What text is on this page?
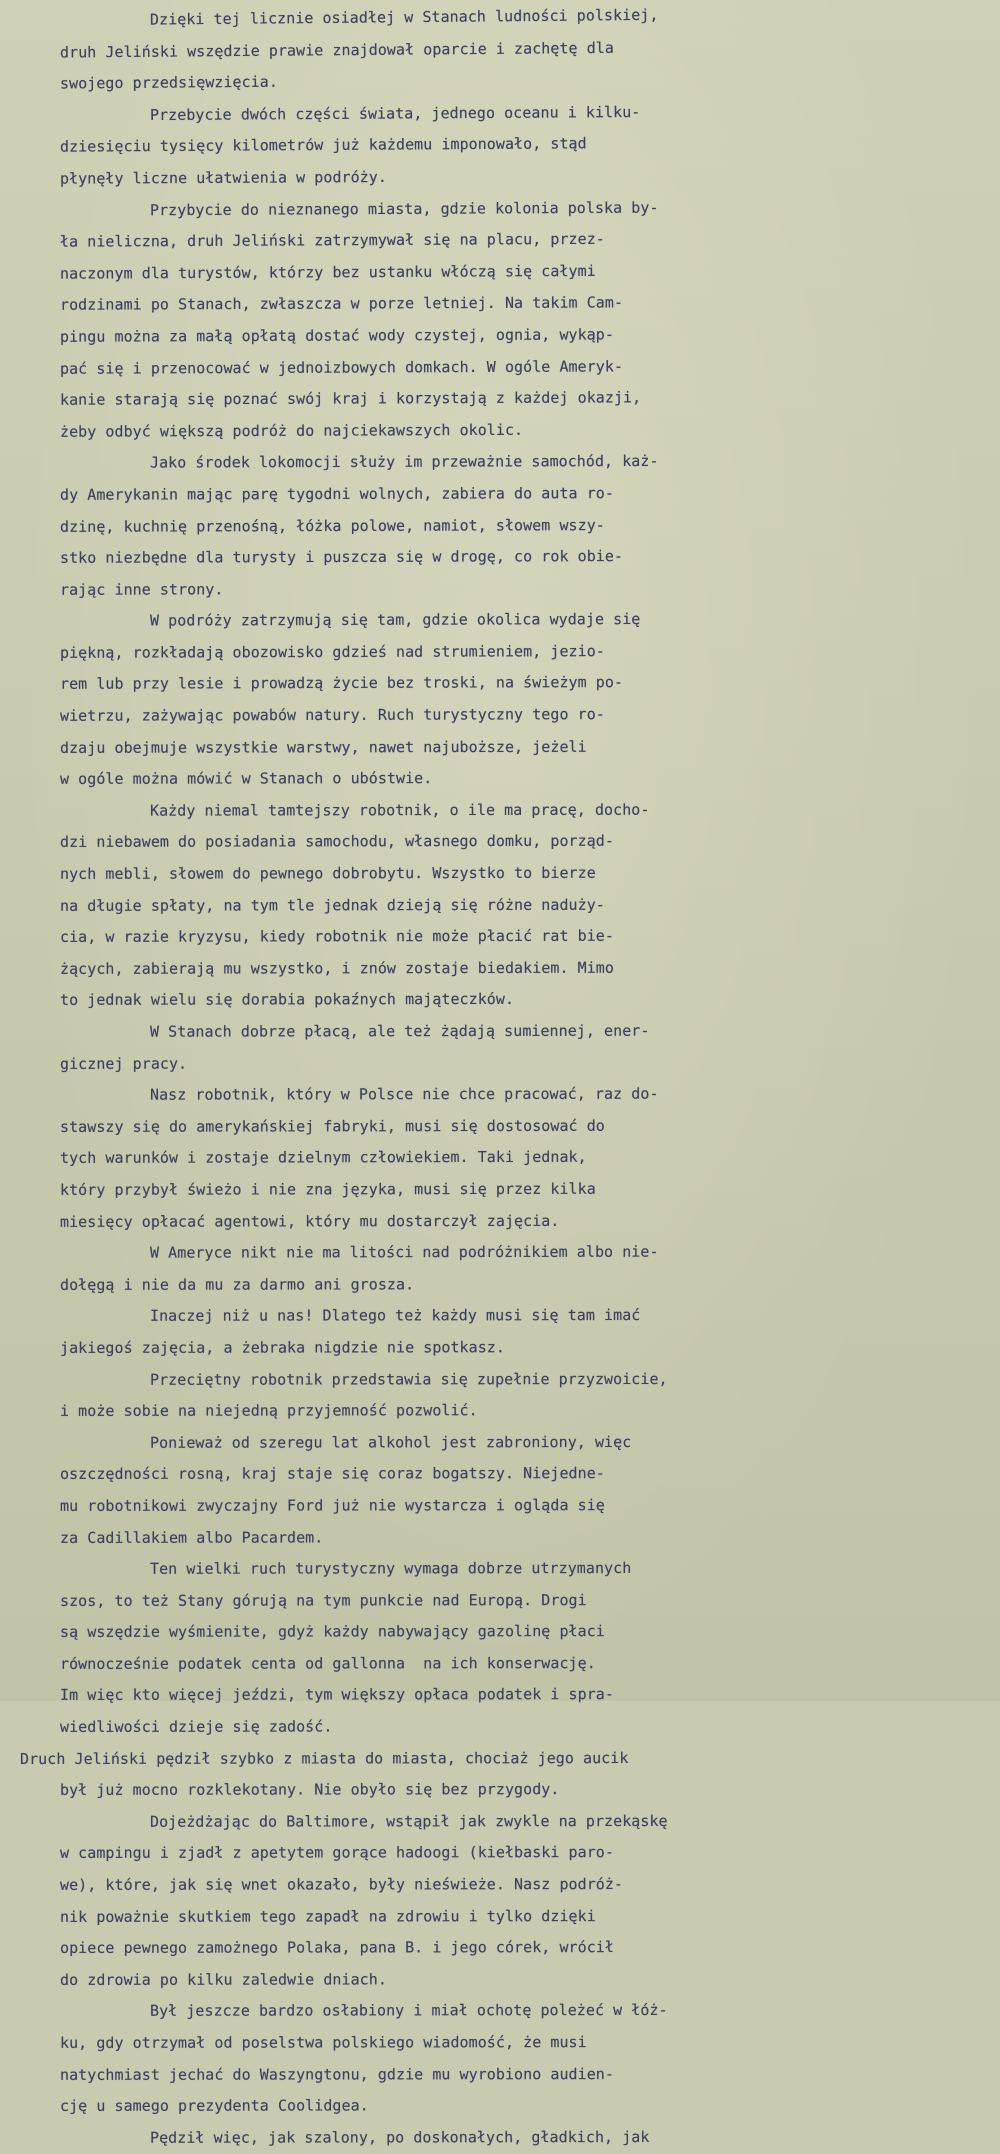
Dzięki tej licznie osiadłej w Stanach ludności polskiej,
druh Jeliński wszędzie prawie znajdował oparcie i zachętę dla
swojego przedsięwzięcia.
Przebycie dwóch części świata, jednego oceanu i kilku-
dziesięciu tysięcy kilometrów już każdemu imponowało, stąd
płynęły liczne ułatwienia w podróży.
Przybycie do nieznanego miasta, gdzie kolonia polska by-
ła nieliczna, druh Jeliński zatrzymywał się na placu, przez-
naczonym dla turystów, którzy bez ustanku włóczą się całymi
rodzinami po Stanach, zwłaszcza w porze letniej. Na takim Cam-
pingu można za małą opłatą dostać wody czystej, ognia, wykąp-
pać się i przenocować w jednoizbowych domkach. W ogóle Ameryk-
kanie starają się poznać swój kraj i korzystają z każdej okazji,
żeby odbyć większą podróż do najciekawszych okolic.
Jako środek lokomocji służy im przeważnie samochód, każ-
dy Amerykanin mając parę tygodni wolnych, zabiera do auta ro-
dzinę, kuchnię przenośną, łóżka polowe, namiot, słowem wszy-
stko niezbędne dla turysty i puszcza się w drogę, co rok obie-
rając inne strony.
W podróży zatrzymują się tam, gdzie okolica wydaje się
piękną, rozkładają obozowisko gdzieś nad strumieniem, jezio-
rem lub przy lesie i prowadzą życie bez troski, na świeżym po-
wietrzu, zażywając powabów natury. Ruch turystyczny tego ro-
dzaju obejmuje wszystkie warstwy, nawet najuboższe, jeżeli
w ogóle można mówić w Stanach o ubóstwie.
Każdy niemal tamtejszy robotnik, o ile ma pracę, docho-
dzi niebawem do posiadania samochodu, własnego domku, porząd-
nych mebli, słowem do pewnego dobrobytu. Wszystko to bierze
na długie spłaty, na tym tle jednak dzieją się różne naduży-
cia, w razie kryzysu, kiedy robotnik nie może płacić rat bie-
żących, zabierają mu wszystko, i znów zostaje biedakiem. Mimo
to jednak wielu się dorabia pokaźnych mająteczków.
W Stanach dobrze płacą, ale też żądają sumiennej, ener-
gicznej pracy.
Nasz robotnik, który w Polsce nie chce pracować, raz do-
stawszy się do amerykańskiej fabryki, musi się dostosować do
tych warunków i zostaje dzielnym człowiekiem. Taki jednak,
który przybył świeżo i nie zna języka, musi się przez kilka
miesięcy opłacać agentowi, który mu dostarczył zajęcia.
W Ameryce nikt nie ma litości nad podróżnikiem albo nie-
dołęgą i nie da mu za darmo ani grosza.
Inaczej niż u nas! Dlatego też każdy musi się tam imać
jakiegoś zajęcia, a żebraka nigdzie nie spotkasz.
Przeciętny robotnik przedstawia się zupełnie przyzwoicie,
i może sobie na niejedną przyjemność pozwolić.
Ponieważ od szeregu lat alkohol jest zabroniony, więc
oszczędności rosną, kraj staje się coraz bogatszy. Niejedne-
mu robotnikowi zwyczajny Ford już nie wystarcza i ogląda się
za Cadillakiem albo Pacardem.
Ten wielki ruch turystyczny wymaga dobrze utrzymanych
szos, to też Stany górują na tym punkcie nad Europą. Drogi
są wszędzie wyśmienite, gdyż każdy nabywający gazolinę płaci
równocześnie podatek centa od gallonna  na ich konserwację.
Im więc kto więcej jeździ, tym większy opłaca podatek i spra-
wiedliwości dzieje się zadość.
Druch Jeliński pędził szybko z miasta do miasta, chociaż jego aucik
był już mocno rozklekotany. Nie obyło się bez przygody.
Dojeżdżając do Baltimore, wstąpił jak zwykle na przekąskę
w campingu i zjadł z apetytem gorące hadoogi (kiełbaski paro-
we), które, jak się wnet okazało, były nieświeże. Nasz podróż-
nik poważnie skutkiem tego zapadł na zdrowiu i tylko dzięki
opiece pewnego zamożnego Polaka, pana B. i jego córek, wrócił
do zdrowia po kilku zaledwie dniach.
Był jeszcze bardzo osłabiony i miał ochotę poleżeć w łóż-
ku, gdy otrzymał od poselstwa polskiego wiadomość, że musi
natychmiast jechać do Waszyngtonu, gdzie mu wyrobiono audien-
cję u samego prezydenta Coolidgea.
Pędził więc, jak szalony, po doskonałych, gładkich, jak
